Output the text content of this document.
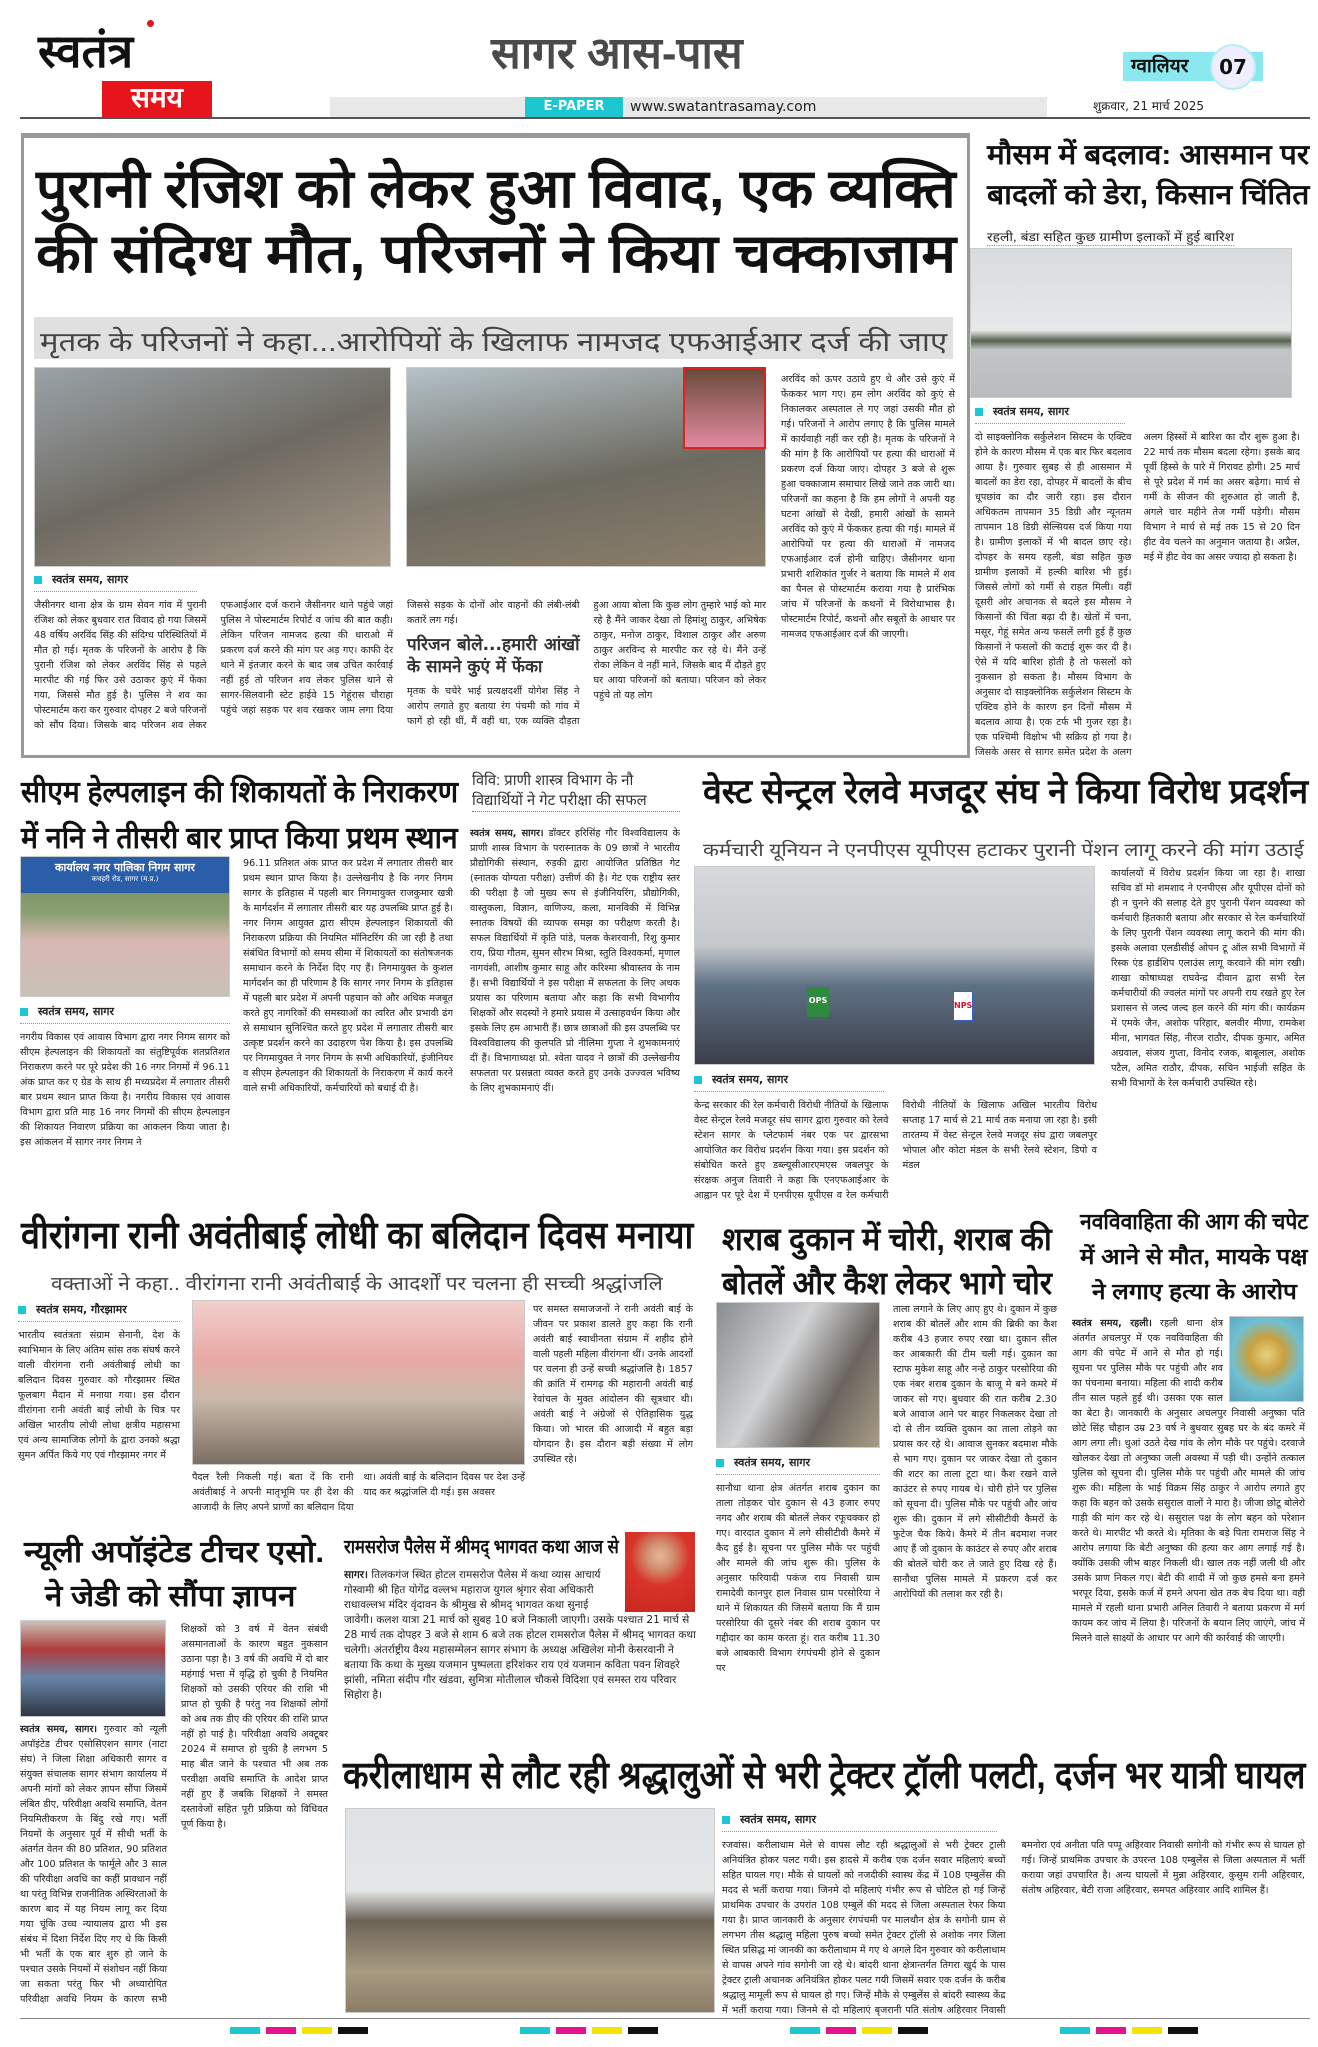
स्वतंत्र
समय
सागर आस-पास
E-PAPER	www.swatantrasamay.com
ग्वालियर	07
शुक्रवार, 21 मार्च 2025
पुरानी रंजिश को लेकर हुआ विवाद, एक व्यक्ति
की संदिग्ध मौत, परिजनों ने किया चक्काजाम
मृतक के परिजनों ने कहा...आरोपियों के खिलाफ नामजद एफआईआर दर्ज की जाए
स्वतंत्र समय, सागर
जैसीनगर थाना क्षेत्र के ग्राम सेवन गांव में पुरानी रंजिश को लेकर बुधवार रात विवाद हो गया जिसमें 48 वर्षिय अरविंद सिंह की संदिग्ध परिस्थितियों में मौत हो गई। मृतक के परिजनों के आरोप है कि पुरानी रंजिश को लेकर अरविंद सिंह से पहले मारपीट की गई फिर उसे उठाकर कुएं में फेंका गया, जिससे मौत हुई है। पुलिस ने शव का पोस्टमार्टम करा कर गुरुवार दोपहर 2 बजे परिजनों को सौंप दिया। जिसके बाद परिजन शव लेकर एफआईआर दर्ज कराने जैसीनगर थाने पहुंचे जहां पुलिस ने पोस्टमार्टम रिपोर्ट व जांच की बात कही। लेकिन परिजन नामजद हत्या की धाराओ में प्रकरण दर्ज करने की मांग पर अड़ गए। काफी देर थाने में इंतजार करने के बाद जब उचित कार्रवाई नहीं हुई तो परिजन शव लेकर पुलिस थाने से सागर-सिलवानी स्टेट हाईवे 15 गेहूंरास चौराहा पहुंचे जहां सड़क पर शव रखकर जाम लगा दिया जिससे सड़क के दोनों ओर वाहनों की लंबी-लंबी कतारें लग गई।
परिजन बोले...हमारी आंखों के सामने कुएं में फेंका
मृतक के चचेरे भाई प्रत्यक्षदर्शी योगेश सिंह ने आरोप लगाते हुए बताया रंग पंचमी को गांव में फागें हो रही थीं, मैं वहीं था, एक व्यक्ति दौड़ता हुआ आया बोला कि कुछ लोग तुम्हारे भाई को मार रहे है मैंने जाकर देखा तो हिमांशु ठाकुर, अभिषेक ठाकुर, मनोज ठाकुर, विशाल ठाकुर और अरुण ठाकुर अरविन्द से मारपीट कर रहे थे। मैंने उन्हें रोका लेकिन वे नहीं माने, जिसके बाद मैं दौड़ते हुए घर आया परिजनों को बताया। परिजन को लेकर पहुंचे तो यह लोग
अरविंद को ऊपर उठाये हुए थे और उसे कुएं में फेंककर भाग गए। हम लोग अरविंद को कुएं से निकालकर अस्पताल ले गए जहां उसकी मौत हो गई। परिजनों ने आरोप लगाए है कि पुलिस मामले में कार्यवाही नहीं कर रही है। मृतक के परिजनों ने की मांग है कि आरोपियों पर हत्या की धाराओं में प्रकरण दर्ज किया जाए। दोपहर 3 बजे से शुरू हुआ चक्काजाम समाचार लिखे जाने तक जारी था। परिजनों का कहना है कि हम लोगों ने अपनी यह घटना आंखों से देखी, हमारी आंखों के सामने अरविंद को कुएं में फेंककर हत्या की गई। मामले में आरोपियों पर हत्या की धाराओं में नामजद एफआईआर दर्ज होनी चाहिए। जैसीनगर थाना प्रभारी शशिकांत गुर्जर ने बताया कि मामले में शव का पैनल से पोस्टमार्टम कराया गया है प्रारंभिक जांच में परिजनों के कथनों में विरोधाभास है। पोस्टमार्टम रिपोर्ट, कथनों और सबूतों के आधार पर नामजद एफआईआर दर्ज की जाएगी।
मौसम में बदलाव: आसमान पर
बादलों को डेरा, किसान चिंतित
रहली, बंडा सहित कुछ ग्रामीण इलाकों में हुई बारिश
स्वतंत्र समय, सागर
दो साइक्लोनिक सर्कुलेशन सिस्टम के एक्टिव होने के कारण मौसम में एक बार फिर बदलाव आया है। गुरुवार सुबह से ही आसमान में बादलों का डेरा रहा, दोपहर में बादलों के बीच धूपछांव का दौर जारी रहा। इस दौरान अधिकतम तापमान 35 डिग्री और न्यूनतम तापमान 18 डिग्री सेल्सियस दर्ज किया गया है। ग्रामीण इलाकों में भी बादल छाए रहे। दोपहर के समय रहली, बंडा सहित कुछ ग्रामीण इलाकों में हल्की बारिश भी हुई। जिससे लोगों को गर्मी से राहत मिली। वहीं दूसरी ओर अचानक से बदले इस मौसम ने किसानों की चिंता बढ़ा दी है। खेतों में चना, मसूर, गेहूं समेत अन्य फसलें लगी हुई हैं कुछ किसानों ने फसलों की कटाई शुरू कर दी है। ऐसे में यदि बारिश होती है तो फसलों को नुकसान हो सकता है। मौसम विभाग के अनुसार दो साइक्लोनिक सर्कुलेशन सिस्टम के एक्टिव होने के कारण इन दिनों मौसम में बदलाव आया है। एक टर्फ भी गुजर रहा है। एक पश्चिमी विक्षोभ भी सक्रिय हो गया है। जिसके असर से सागर समेत प्रदेश के अलग अलग हिस्सों में बारिश का दौर शुरू हुआ है। 22 मार्च तक मौसम बदला रहेगा। इसके बाद पूर्वी हिस्से के पारे में गिरावट होगी। 25 मार्च से पूरे प्रदेश में गर्म का असर बढ़ेगा। मार्च से गर्मी के सीजन की शुरुआत हो जाती है, अगले चार महीने तेज गर्मी पड़ेगी। मौसम विभाग ने मार्च से मई तक 15 से 20 दिन हीट वेव चलने का अनुमान जताया है। अप्रैल, मई में हीट वेव का असर ज्यादा हो सकता है।
सीएम हेल्पलाइन की शिकायतों के निराकरण
में ननि ने तीसरी बार प्राप्त किया प्रथम स्थान
कार्यालय नगर पालिका निगम सागर
कचहरी रोड, सागर (म.प्र.)
स्वतंत्र समय, सागर
नगरीय विकास एवं आवास विभाग द्वारा नगर निगम सागर को सीएम हेल्पलाइन की शिकायतों का संतुष्टिपूर्वक शतप्रतिशत निराकरण करने पर पूरे प्रदेश की 16 नगर निगमों में 96.11 अंक प्राप्त कर ए ग्रेड के साथ ही मध्यप्रदेश में लगातार तीसरी बार प्रथम स्थान प्राप्त किया है। नगरीय विकास एवं आवास विभाग द्वारा प्रति माह 16 नगर निगमों की सीएम हेल्पलाइन की शिकायत निवारण प्रक्रिया का आकलन किया जाता है। इस आंकलन में सागर नगर निगम ने
96.11 प्रतिशत अंक प्राप्त कर प्रदेश में लगातार तीसरी बार प्रथम स्थान प्राप्त किया है। उल्लेखनीय है कि नगर निगम सागर के इतिहास में पहली बार निगमायुक्त राजकुमार खत्री के मार्गदर्शन में लगातार तीसरी बार यह उपलब्धि प्राप्त हुई है। नगर निगम आयुक्त द्वारा सीएम हेल्पलाइन शिकायतों की निराकरण प्रक्रिया की नियमित मॉनिटरिंग की जा रही है तथा संबंधित विभागों को समय सीमा में शिकायतों का संतोषजनक समाधान करने के निर्देश दिए गए हैं। निगमायुक्त के कुशल मार्गदर्शन का ही परिणाम है कि सागर नगर निगम के इतिहास में पहली बार प्रदेश में अपनी पहचान को और अधिक मजबूत करते हुए नागरिकों की समस्याओं का त्वरित और प्रभावी ढंग से समाधान सुनिश्चित करते हुए प्रदेश में लगातार तीसरी बार उत्कृष्ट प्रदर्शन करने का उदाहरण पेश किया है। इस उपलब्धि पर निगमायुक्त ने नगर निगम के सभी अधिकारियों, इंजीनियर व सीएम हेल्पलाइन की शिकायतों के निराकरण में कार्य करने वाले सभी अधिकारियों, कर्मचारियों को बधाई दी है।
विवि: प्राणी शास्त्र विभाग के नौ
विद्यार्थियों ने गेट परीक्षा की सफल
स्वतंत्र समय, सागर। डॉक्टर हरिसिंह गौर विश्वविद्यालय के प्राणी शास्त्र विभाग के परास्नातक के 09 छात्रों ने भारतीय प्रौद्योगिकी संस्थान, रुड़की द्वारा आयोजित प्रतिष्ठित गेट (स्नातक योग्यता परीक्षा) उत्तीर्ण की है। गेट एक राष्ट्रीय स्तर की परीक्षा है जो मुख्य रूप से इंजीनियरिंग, प्रौद्योगिकी, वास्तुकला, विज्ञान, वाणिज्य, कला, मानविकी में विभिन्न स्नातक विषयों की व्यापक समझ का परीक्षण करती है। सफल विद्यार्थियों में कृति पांडे, पलक केशरवानी, रिशु कुमार राय, प्रिया गौतम, सुमन सौरभ मिश्रा, स्तुति विश्वकर्मा, मृणाल नागवंशी, आशीष कुमार साहू और करिश्मा श्रीवास्तव के नाम हैं। सभी विद्यार्थियों ने इस परीक्षा में सफलता के लिए अथक प्रयास का परिणाम बताया और कहा कि सभी विभागीय शिक्षकों और सदस्यों ने हमारे प्रयास में उत्साहवर्धन किया और इसके लिए हम आभारी हैं। छात्र छात्राओं की इस उपलब्धि पर विश्वविद्यालय की कुलपति प्रो नीलिमा गुप्ता ने शुभकामनाएं दीं हैं। विभागाध्यक्ष प्रो. श्वेता यादव ने छात्रों की उल्लेखनीय सफलता पर प्रसन्नता व्यक्त करते हुए उनके उज्ज्वल भविष्य के लिए शुभकामनाएं दीं।
वेस्ट सेन्ट्रल रेलवे मजदूर संघ ने किया विरोध प्रदर्शन
कर्मचारी यूनियन ने एनपीएस यूपीएस हटाकर पुरानी पेंशन लागू करने की मांग उठाई
OPS
NPS
स्वतंत्र समय, सागर
केन्द्र सरकार की रेल कर्मचारी विरोधी नीतियों के खिलाफ वेस्ट सेन्ट्रल रेलवे मजदूर संघ सागर द्वारा गुरुवार को रेलवे स्टेशन सागर के प्लेटफार्म नंबर एक पर द्वारसभा आयोजित कर विरोध प्रदर्शन किया गया। इस प्रदर्शन को संबोधित करते हुए डब्ल्यूसीआरएमएस जबलपुर के संरक्षक अनुज तिवारी ने कहा कि एनएफआईआर के आह्वान पर पूरे देश में एनपीएस यूपीएस व रेल कर्मचारी विरोधी नीतियों के खिलाफ अखिल भारतीय विरोध सप्ताह 17 मार्च से 21 मार्च तक मनाया जा रहा है। इसी तारतम्य में वेस्ट सेन्ट्रल रेलवे मजदूर संघ द्वारा जबलपुर भोपाल और कोटा मंडल के सभी रेलवे स्टेशन, डिपो व मंडल
कार्यालयों में विरोध प्रदर्शन किया जा रहा है। शाखा सचिव डॉ मो शमशाद ने एनपीएस और यूपीएस दोनों को ही न चुनने की सलाह देते हुए पुरानी पेंशन व्यवस्था को कर्मचारी हितकारी बताया और सरकार से रेल कर्मचारियों के लिए पुरानी पेंशन व्यवस्था लागू कराने की मांग की। इसके अलावा एलडीसीई ओपन टू ऑल सभी विभागों में रिस्क एंड हार्डशिप एलाउंस लागू करवाने की मांग रखी। शाखा कोषाध्यक्ष राघवेन्द्र दीवान द्वारा सभी रेल कर्मचारीयों की ज्वलंत मांगों पर अपनी राय रखते हुए रेल प्रशासन से जल्द जल्द हल करने की मांग की। कार्यक्रम में एमके जैन, अशोक परिहार, बलवीर मीणा, रामकेश मीना, भागवत सिंह, नीरज राठौर, दीपक कुमार, अमित अग्रवाल, संजय गुप्ता, विनोद रजक, बाबूलाल, अशोक पटैल, अमित राठौर, दीपक, सचिन भाईजी सहित के सभी विभागों के रेल कर्मचारी उपस्थित रहे।
वीरांगना रानी अवंतीबाई लोधी का बलिदान दिवस मनाया
वक्ताओं ने कहा.. वीरांगना रानी अवंतीबाई के आदर्शों पर चलना ही सच्ची श्रद्धांजलि
स्वतंत्र समय, गौरझामर
भारतीय स्वतंत्रता संग्राम सेनानी, देश के स्वाभिमान के लिए अंतिम सांस तक संघर्ष करने वाली वीरांगना रानी अवंतीबाई लोधी का बलिदान दिवस गुरुवार को गौरझामर स्थित फूलबाग मैदान में मनाया गया। इस दौरान वीरांगना रानी अवंती बाई लोधी के चित्र पर अखिल भारतीय लोधी लोधा क्षत्रीय महासभा एवं अन्य सामाजिक लोगों के द्वारा उनको श्रद्धा सुमन अर्पित किये गए एवं गौरझामर नगर में
पैदल रैली निकली गई। बता दें कि रानी अवंतीबाई ने अपनी मातृभूमि पर ही देश की आजादी के लिए अपने प्राणों का बलिदान दिया था। अवंती बाई के बलिदान दिवस पर देश उन्हें याद कर श्रद्धांजलि दी गई। इस अवसर
पर समस्त समाजजनों ने रानी अवंती बाई के जीवन पर प्रकाश डालते हुए कहा कि रानी अवंती बाई स्वाधीनता संग्राम में शहीद होने वाली पहली महिला वीरांगना थीं। उनके आदर्शों पर चलना ही उन्हें सच्ची श्रद्धांजलि है। 1857 की क्रांति में रामगढ़ की महारानी अवंती बाई रेवांचल के मुक्त आंदोलन की सूत्रधार थी। अवंती बाई ने अंग्रेजों से ऐतिहासिक युद्ध किया। जो भारत की आजादी में बहुत बड़ा योगदान है। इस दौरान बड़ी संख्या में लोग उपस्थित रहे।
शराब दुकान में चोरी, शराब की
बोतलें और कैश लेकर भागे चोर
स्वतंत्र समय, सागर
सानौधा थाना क्षेत्र अंतर्गत शराब दुकान का ताला तोड़कर चोर दुकान से 43 हजार रुपए नगद और शराब की बोतलें लेकर रफूचक्कर हो गए। वारदात दुकान में लगे सीसीटीवी कैमरे में कैद हुई है। सूचना पर पुलिस मौके पर पहुंची और मामले की जांच शुरू की। पुलिस के अनुसार फरियादी पकंज राय निवासी ग्राम रामादेवी कानपुर हाल निवास ग्राम परसोरिया ने थाने में शिकायत की जिसमें बताया कि मैं ग्राम परसोरिया की दूसरे नंबर की शराब दुकान पर गद्दीदार का काम करता हूं। रात करीब 11.30 बजे आबकारी विभाग रंगपंचमी होने से दुकान पर
ताला लगाने के लिए आए हुए थे। दुकान में कुछ शराब की बोतलें और शाम की ब्रिकी का कैश करीब 43 हजार रुपए रखा था। दुकान सील कर आबकारी की टीम चली गई। दुकान का स्टाफ मुकेश साहू और नन्हे ठाकुर परसोरिया की एक नंबर शराब दुकान के बाजू मे बने कमरे में जाकर सो गए। बुधवार की रात करीब 2.30 बजे आवाज आने पर बाहर निकलकर देखा तो दो से तीन व्यक्ति दुकान का ताला तोड़ने का प्रयास कर रहे थे। आवाज सुनकर बदमाश मौके से भाग गए। दुकान पर जाकर देखा तो दुकान की शटर का ताला टूटा था। कैश रखने वाले काउंटर से रुपए गायब थे। चोरी होने पर पुलिस को सूचना दी। पुलिस मौके पर पहुंची और जांच शुरू की। दुकान में लगे सीसीटीवी कैमरों के फुटेज चैक किये। कैमरे में तीन बदमाश नजर आए हैं जो दुकान के काउंटर से रुपए और शराब की बोतलें चोरी कर ले जाते हुए दिख रहे हैं। सानौधा पुलिस मामले में प्रकरण दर्ज कर आरोपियों की तलाश कर रही है।
नवविवाहिता की आग की चपेट
में आने से मौत, मायके पक्ष
ने लगाए हत्या के आरोप
स्वतंत्र समय, रहली। रहली थाना क्षेत्र अंतर्गत अचलपुर में एक नवविवाहिता की आग की चपेट में आने से मौत हो गई। सूचना पर पुलिस मौके पर पहुंची और शव का पंचनामा बनाया। महिला की शादी करीब तीन साल पहले हुई थी। उसका एक साल का बेटा है। जानकारी के अनुसार अचलपुर निवासी अनुष्का पति छोटे सिंह चौहान उम्र 23 वर्ष ने बुधवार सुबह घर के बंद कमरे में आग लगा ली। धुआं उठते देख गांव के लोग मौके पर पहुंचे। दरवाजे खोलकर देखा तो अनुष्का जली अवस्था में पड़ी थी। उन्होंने तत्काल पुलिस को सूचना दी। पुलिस मौके पर पहुंची और मामले की जांच शुरू की। महिला के भाई विक्रम सिंह ठाकुर ने आरोप लगाते हुए कहा कि बहन को उसके ससुराल वालों ने मारा है। जीजा छोटू बोलेरो गाड़ी की मांग कर रहे थे। ससुराल पक्ष के लोग बहन को परेशान करते थे। मारपीट भी करते थे। मृतिका के बड़े पिता रामराज सिंह ने आरोप लगाया कि बेटी अनुष्का की हत्या कर आग लगाई गई है। क्योंकि उसकी जीभ बाहर निकली थी। खाल तक नहीं जली थी और उसके प्राण निकल गए। बेटी की शादी में जो कुछ हमसे बना हमने भरपूर दिया, इसके कर्ज में हमने अपना खेत तक बेच दिया था। वही मामले में रहली थाना प्रभारी अनिल तिवारी ने बताया प्रकरण में मर्ग कायम कर जांच में लिया है। परिजनों के बयान लिए जाएंगे, जांच में मिलने वाले साक्ष्यों के आधार पर आगे की कार्रवाई की जाएगी।
न्यूली अपॉइंटेड टीचर एसो.
ने जेडी को सौंपा ज्ञापन
स्वतंत्र समय, सागर। गुरुवार को न्यूली अपॉइंटेड टीचर एसोसिएशन सागर (नाटा संघ) ने जिला शिक्षा अधिकारी सागर व संयुक्त संचालक सागर संभाग कार्यालय में अपनी मांगों को लेकर ज्ञापन सौंपा जिसमें लंबित डीए, परिवीक्षा अवधि समाप्ति, वेतन नियमितीकरण के बिंदु रखे गए। भर्ती नियमों के अनुसार पूर्व में सीधी भर्ती के अंतर्गत वेतन की 80 प्रतिशत, 90 प्रतिशत और 100 प्रतिशत के फार्मूले और 3 साल की परिवीक्षा अवधि का कहीं प्रावधान नहीं था परंतु विभिन्न राजनीतिक अस्थिरताओं के कारण बाद में यह नियम लागू कर दिया गया चूंकि उच्च न्यायालय द्वारा भी इस संबंध में दिशा निर्देश दिए गए थे कि किसी भी भर्ती के एक बार शुरु हो जाने के पश्चात उसके नियमों में संशोधन नहीं किया जा सकता परंतु फिर भी अध्यारोपित परिवीक्षा अवधि नियम के कारण सभी शिक्षकों को 3 वर्ष में वेतन संबंधी असमानताओं के कारण बहुत नुकसान उठाना पड़ा है। 3 वर्ष की अवधि में दो बार महंगाई भत्ता में वृद्धि हो चुकी है नियमित शिक्षकों को उसकी एरियर की राशि भी प्राप्त हो चुकी है परंतु नव शिक्षकों लोगों को अब तक डीए की एरियर की राशि प्राप्त नहीं हो पाई है। परिवीक्षा अवधि अक्टूबर 2024 में समाप्त हो चुकी है लगभग 5 माह बीत जाने के पश्चात भी अब तक परवीक्षा अवधि समाप्ति के आदेश प्राप्त नहीं हुए हैं जबकि शिक्षकों ने समस्त दस्तावेजों सहित पूरी प्रक्रिया को विधिवत पूर्ण किया है।
रामसरोज पैलेस में श्रीमद् भागवत कथा आज से
सागर। तिलकगंज स्थित होटल रामसरोज पैलेस में कथा व्यास आचार्य गोस्वामी श्री हित योगेंद्र वल्लभ महाराज युगल श्रृंगार सेवा अधिकारी राधावल्लभ मंदिर वृंदावन के श्रीमुख से श्रीमद् भागवत कथा सुनाई जावेगी। कलश यात्रा 21 मार्च को सुबह 10 बजे निकाली जाएगी। उसके पश्चात 21 मार्च से 28 मार्च तक दोपहर 3 बजे से शाम 6 बजे तक होटल रामसरोज पैलेस में श्रीमद् भागवत कथा चलेगी। अंतर्राष्ट्रीय वैश्य महासम्मेलन सागर संभाग के अध्यक्ष अखिलेश मोनी केसरवानी ने बताया कि कथा के मुख्य यजमान पुष्पलता हरिशंकर राय एवं यजमान कविता पवन शिवहरे झांसी, नमिता संदीप गौर खंडवा, सुमित्रा मोतीलाल चौकसे विदिशा एवं समस्त राय परिवार सिहोरा है।
करीलाधाम से लौट रही श्रद्धालुओं से भरी ट्रेक्टर ट्रॉली पलटी, दर्जन भर यात्री घायल
स्वतंत्र समय, सागर
रजवांस। करीलाधाम मेले से वापस लौट रही श्रद्धालुओं से भरी ट्रेक्टर ट्राली अनियंत्रित होकर पलट गयी। इस हादसे में करीब एक दर्जन सवार महिलाएं बच्चों सहित घायल गए। मौके से घायलों को नजदीकी स्वास्थ केंद्र में 108 एम्बुलेंस की मदद से भर्ती कराया गया। जिनमे दो महिलाएं गंभीर रूप से चोटिल हो गई जिन्हें प्राथमिक उपचार के उपरांत 108 एम्बुलें की मदद से जिला अस्पताल रेफर किया गया है। प्राप्त जानकारी के अनुसार रंगपंचमी पर मालथौन क्षेत्र के सगोनी ग्राम से लगभग तीस श्रद्धालु महिला पुरुष बच्चो समेत ट्रेक्टर ट्रॉली से अशोक नगर जिला स्थित प्रसिद्ध मां जानकी का करीलाधाम में गए थे अगले दिन गुरुवार को करीलाधाम से वापस अपने गांव सगोनी जा रहे थे। बांदरी थाना क्षेत्रान्तर्गत तिगरा खुर्द के पास ट्रेक्टर ट्राली अचानक अनियंत्रित होकर पलट गयी जिसमें सवार एक दर्जन के करीब श्रद्धालु मामूली रूप से घायल हो गए। जिन्हें मौके से एम्बुलेंस से बांदरी स्वास्थ्य केंद्र में भर्ती कराया गया। जिनमे से दो महिलाएं बृजरानी पति संतोष अहिरवार निवासी बमनोरा एवं अनीता पति पप्पू अहिरवार निवासी सगोनी को गंभीर रूप से घायल हो गई। जिन्हें प्राथमिक उपचार के उपरन्त 108 एम्बुलेंस से जिला अस्पताल में भर्ती कराया जहां उपचारित है। अन्य घायलों में मुन्ना अहिरवार, कुसुम रानी अहिरवार, संतोष अहिरवार, बेटी राजा अहिरवार, समपत अहिरवार आदि शामिल हैं।
